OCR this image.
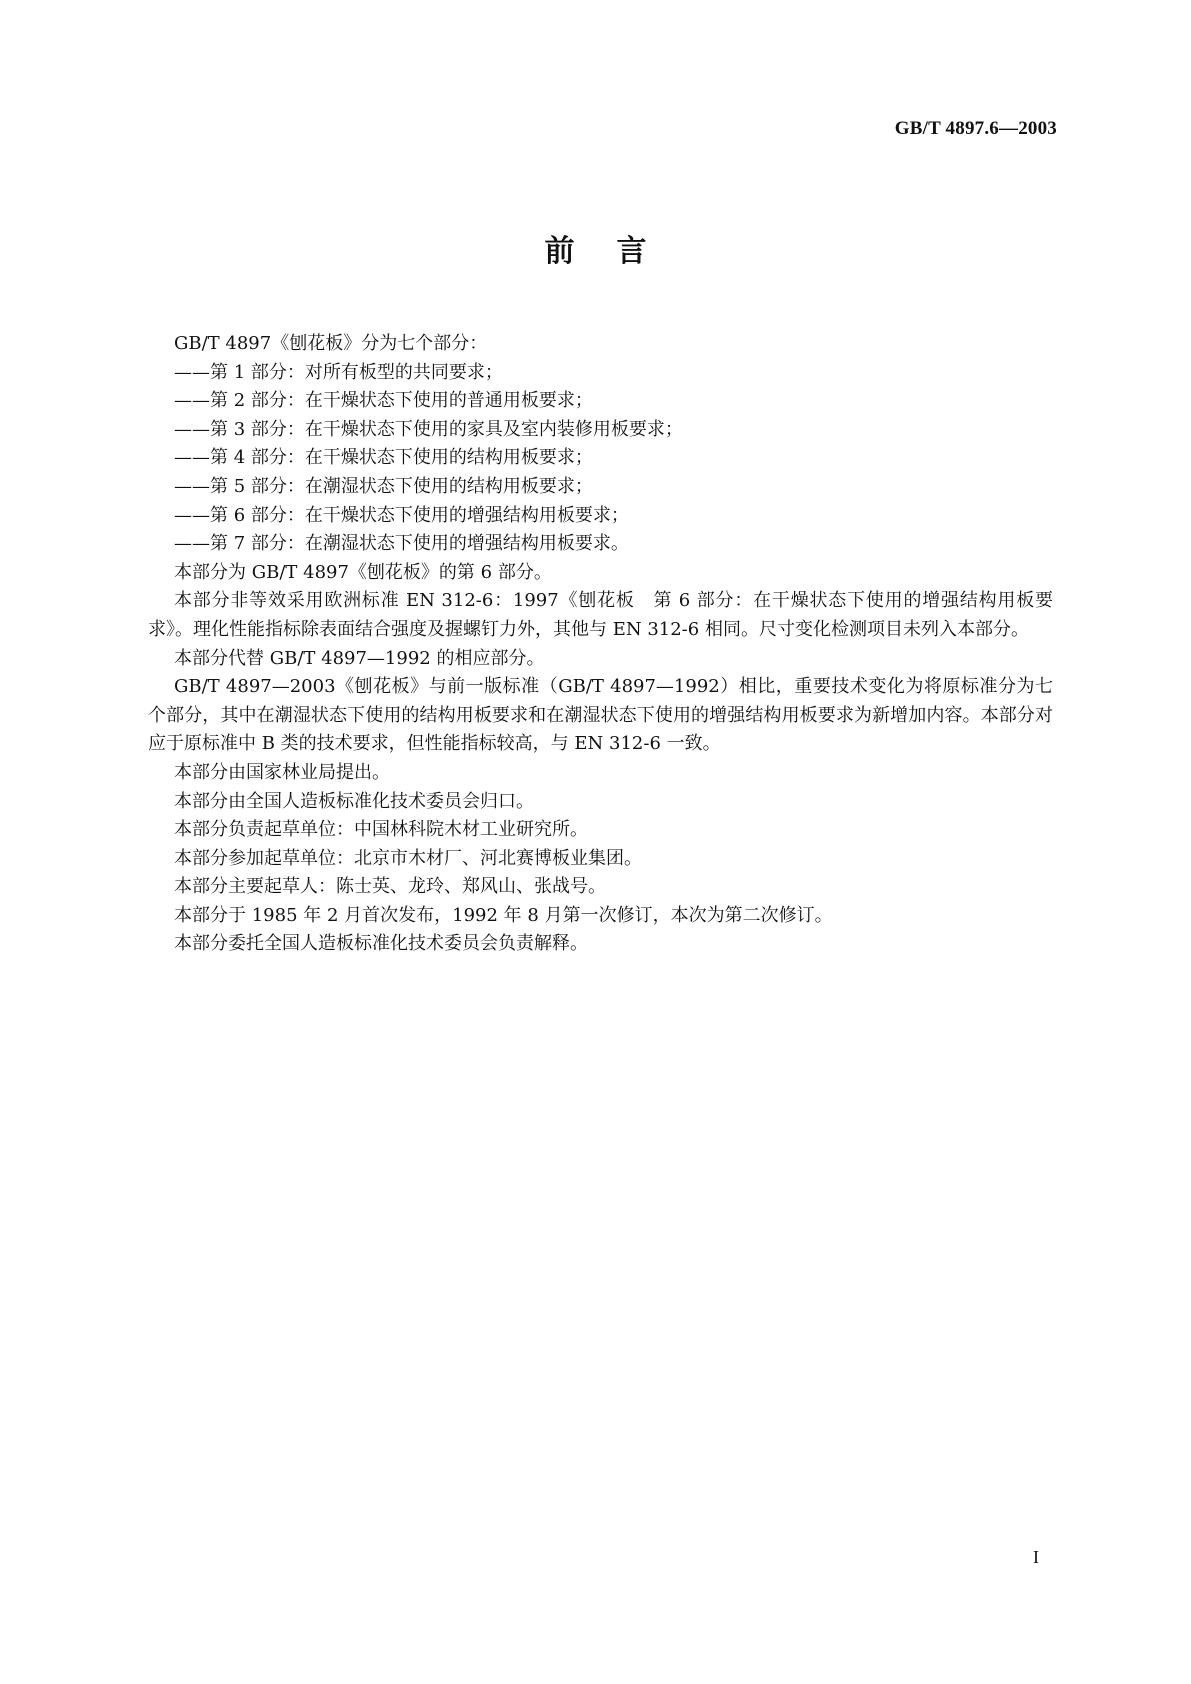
GB/T 4897.6—2003
前言

GB/T 4897《刨花板》分为七个部分：

——第 1 部分：对所有板型的共同要求；

——第 2 部分：在干燥状态下使用的普通用板要求；

——第 3 部分：在干燥状态下使用的家具及室内装修用板要求；

——第 4 部分：在干燥状态下使用的结构用板要求；

——第 5 部分：在潮湿状态下使用的结构用板要求；

——第 6 部分：在干燥状态下使用的增强结构用板要求；

——第 7 部分：在潮湿状态下使用的增强结构用板要求。

本部分为 GB/T 4897《刨花板》的第 6 部分。

本部分非等效采用欧洲标准 EN 312-6：1997《刨花板　第 6 部分：在干燥状态下使用的增强结构用板要求》。理化性能指标除表面结合强度及握螺钉力外，其他与 EN 312-6 相同。尺寸变化检测项目未列入本部分。

本部分代替 GB/T 4897—1992 的相应部分。

GB/T 4897—2003《刨花板》与前一版标准（GB/T 4897—1992）相比，重要技术变化为将原标准分为七个部分，其中在潮湿状态下使用的结构用板要求和在潮湿状态下使用的增强结构用板要求为新增加内容。本部分对应于原标准中 B 类的技术要求，但性能指标较高，与 EN 312-6 一致。

本部分由国家林业局提出。

本部分由全国人造板标准化技术委员会归口。

本部分负责起草单位：中国林科院木材工业研究所。

本部分参加起草单位：北京市木材厂、河北赛博板业集团。

本部分主要起草人：陈士英、龙玲、郑风山、张战号。

本部分于 1985 年 2 月首次发布，1992 年 8 月第一次修订，本次为第二次修订。

本部分委托全国人造板标准化技术委员会负责解释。

I
